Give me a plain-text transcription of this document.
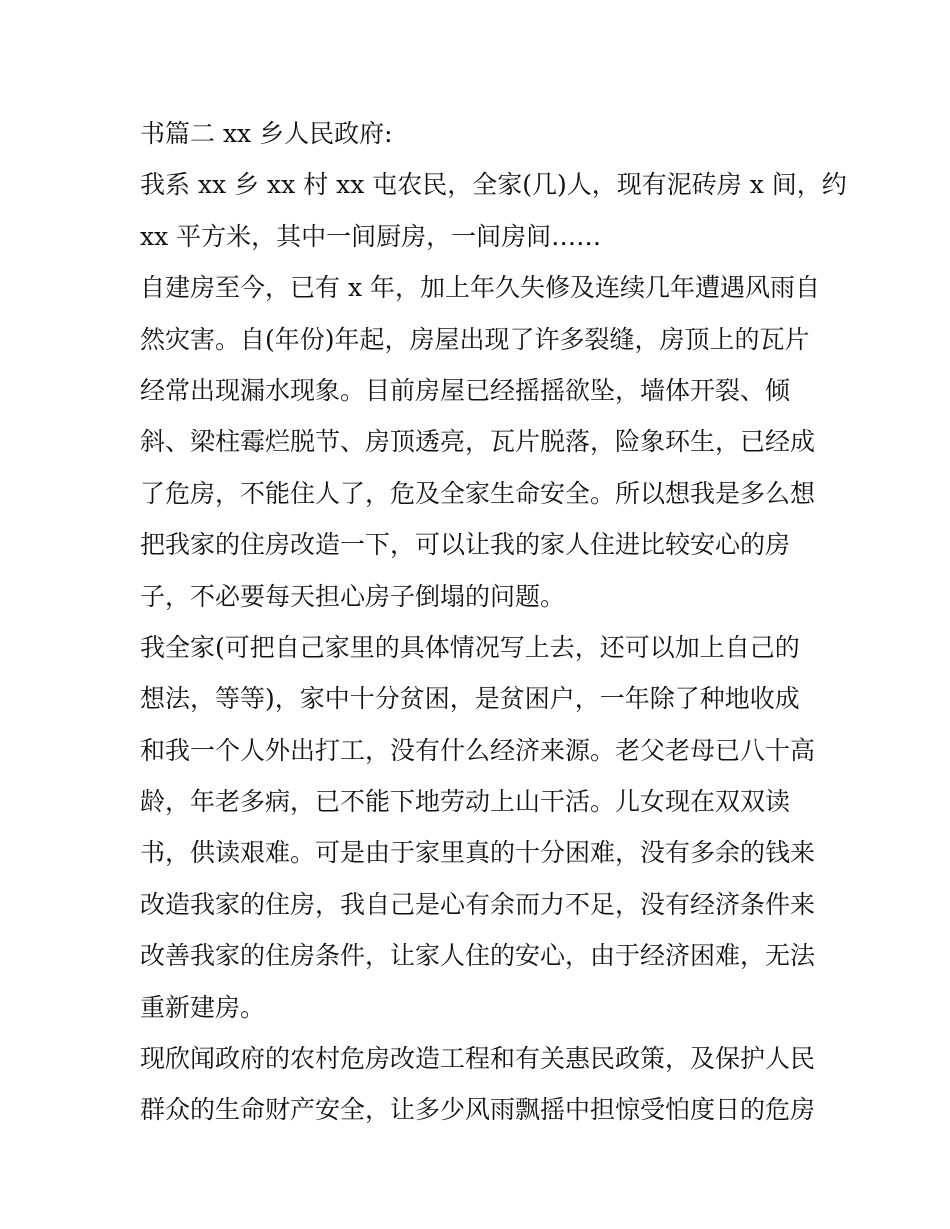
书篇二 xx 乡人民政府:
我系 xx 乡 xx 村 xx 屯农民，全家(几)人，现有泥砖房 x 间，约
xx 平方米，其中一间厨房，一间房间……
自建房至今，已有 x 年，加上年久失修及连续几年遭遇风雨自
然灾害。自(年份)年起，房屋出现了许多裂缝，房顶上的瓦片
经常出现漏水现象。目前房屋已经摇摇欲坠，墙体开裂、倾
斜、梁柱霉烂脱节、房顶透亮，瓦片脱落，险象环生，已经成
了危房，不能住人了，危及全家生命安全。所以想我是多么想
把我家的住房改造一下，可以让我的家人住进比较安心的房
子，不必要每天担心房子倒塌的问题。
我全家(可把自己家里的具体情况写上去，还可以加上自己的
想法，等等)，家中十分贫困，是贫困户，一年除了种地收成
和我一个人外出打工，没有什么经济来源。老父老母已八十高
龄，年老多病，已不能下地劳动上山干活。儿女现在双双读
书，供读艰难。可是由于家里真的十分困难，没有多余的钱来
改造我家的住房，我自己是心有余而力不足，没有经济条件来
改善我家的住房条件，让家人住的安心，由于经济困难，无法
重新建房。
现欣闻政府的农村危房改造工程和有关惠民政策，及保护人民
群众的生命财产安全，让多少风雨飘摇中担惊受怕度日的危房
